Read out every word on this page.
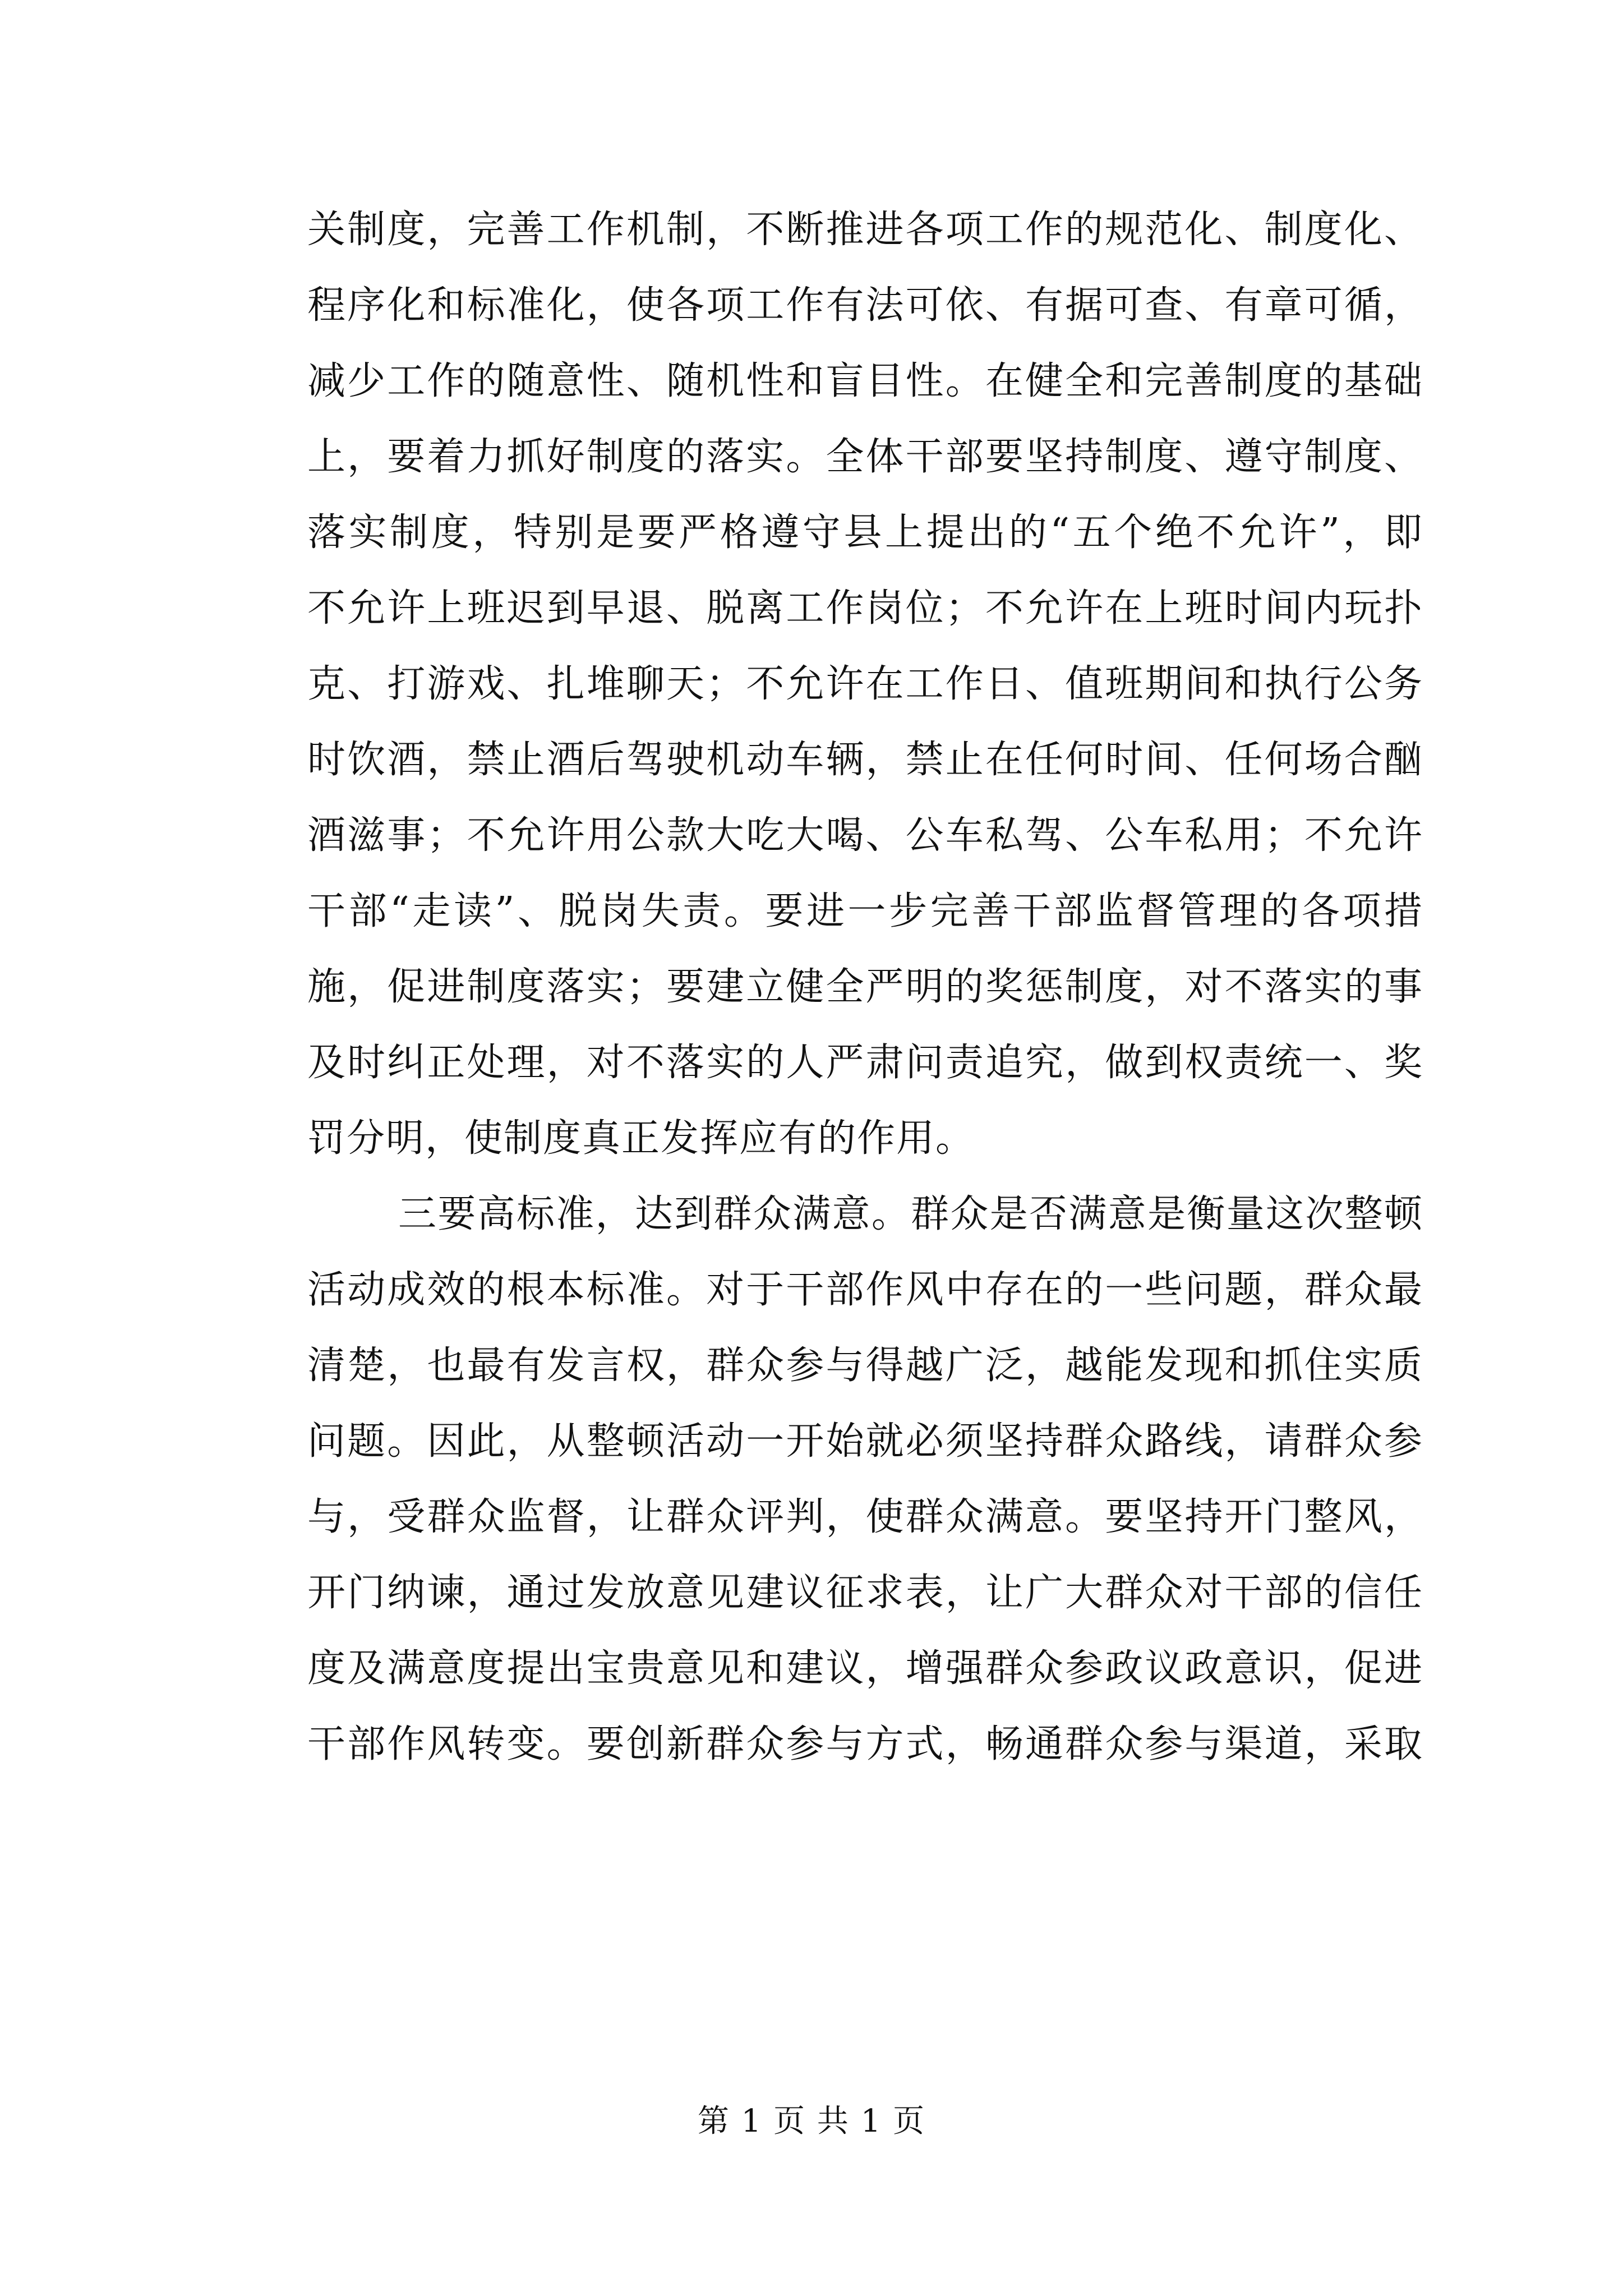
关制度，完善工作机制，不断推进各项工作的规范化、制度化、
程序化和标准化，使各项工作有法可依、有据可查、有章可循，
减少工作的随意性、随机性和盲目性。在健全和完善制度的基础
上，要着力抓好制度的落实。全体干部要坚持制度、遵守制度、
落实制度，特别是要严格遵守县上提出的“五个绝不允许”，即
不允许上班迟到早退、脱离工作岗位；不允许在上班时间内玩扑
克、打游戏、扎堆聊天；不允许在工作日、值班期间和执行公务
时饮酒，禁止酒后驾驶机动车辆，禁止在任何时间、任何场合酗
酒滋事；不允许用公款大吃大喝、公车私驾、公车私用；不允许
干部“走读”、脱岗失责。要进一步完善干部监督管理的各项措
施，促进制度落实；要建立健全严明的奖惩制度，对不落实的事
及时纠正处理，对不落实的人严肃问责追究，做到权责统一、奖
罚分明，使制度真正发挥应有的作用。
三要高标准，达到群众满意。群众是否满意是衡量这次整顿
活动成效的根本标准。对于干部作风中存在的一些问题，群众最
清楚，也最有发言权，群众参与得越广泛，越能发现和抓住实质
问题。因此，从整顿活动一开始就必须坚持群众路线，请群众参
与，受群众监督，让群众评判，使群众满意。要坚持开门整风，
开门纳谏，通过发放意见建议征求表，让广大群众对干部的信任
度及满意度提出宝贵意见和建议，增强群众参政议政意识，促进
干部作风转变。要创新群众参与方式，畅通群众参与渠道，采取
第 1 页 共 1 页
